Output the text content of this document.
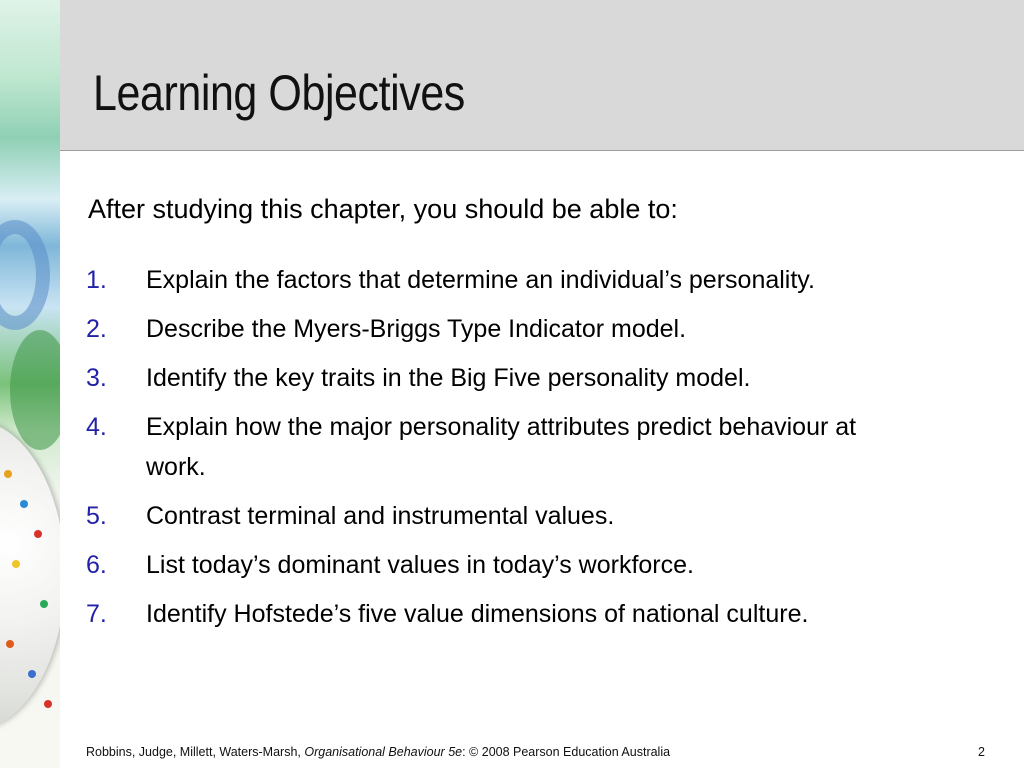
Learning Objectives
After studying this chapter, you should be able to:
1. Explain the factors that determine an individual’s personality.
2. Describe the Myers-Briggs Type Indicator model.
3. Identify the key traits in the Big Five personality model.
4. Explain how the major personality attributes predict behaviour at work.
5. Contrast terminal and instrumental values.
6. List today’s dominant values in today’s workforce.
7. Identify Hofstede’s five value dimensions of national culture.
Robbins, Judge, Millett, Waters-Marsh, Organisational Behaviour 5e: © 2008 Pearson Education Australia	2
